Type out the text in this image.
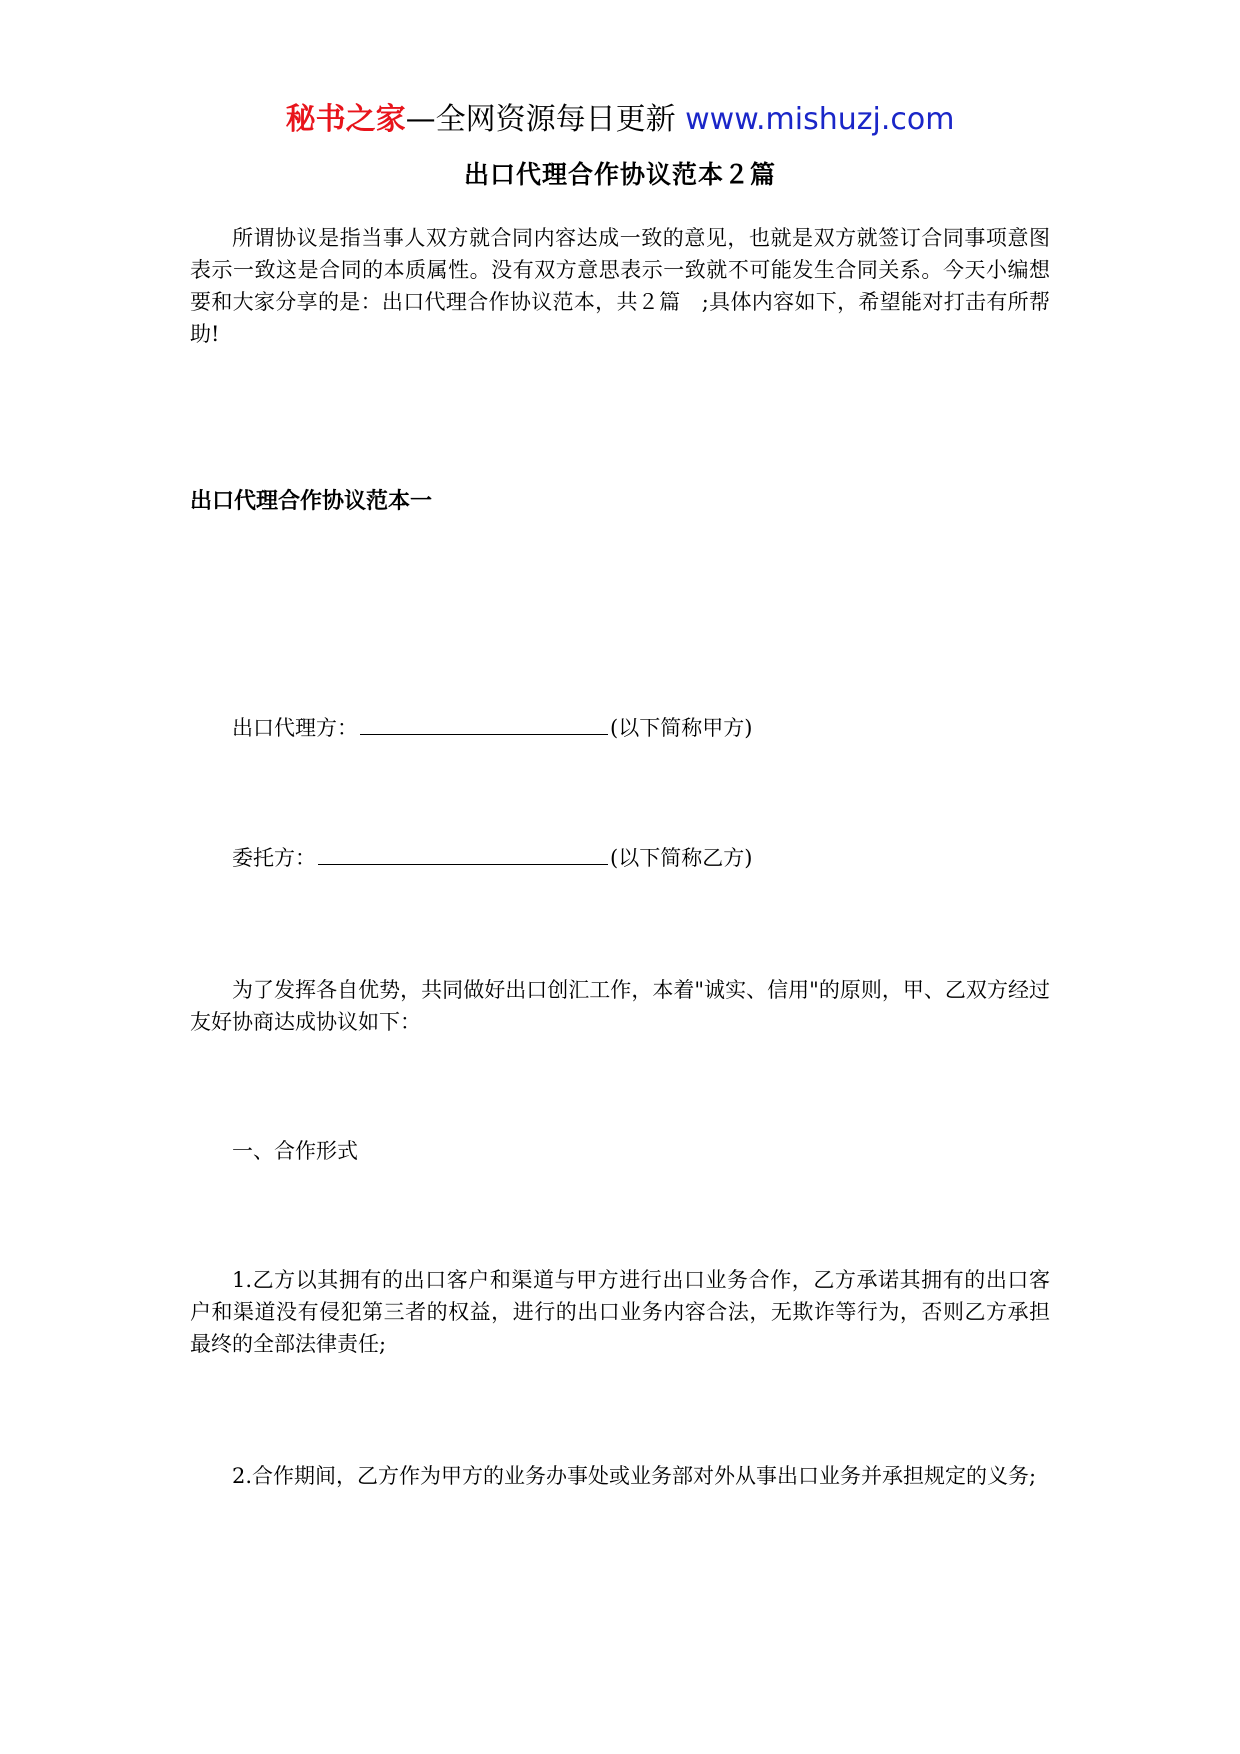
秘书之家—全网资源每日更新 www.mishuzj.com
出口代理合作协议范本２篇

所谓协议是指当事人双方就合同内容达成一致的意见，也就是双方就签订合同事项意图表示一致这是合同的本质属性。没有双方意思表示一致就不可能发生合同关系。今天小编想要和大家分享的是：出口代理合作协议范本，共２篇　;具体内容如下，希望能对打击有所帮助!

出口代理合作协议范本一
出口代理方：	(以下简称甲方)
委托方：	(以下简称乙方)

为了发挥各自优势，共同做好出口创汇工作，本着"诚实、信用"的原则，甲、乙双方经过友好协商达成协议如下：

一、合作形式

1.乙方以其拥有的出口客户和渠道与甲方进行出口业务合作，乙方承诺其拥有的出口客户和渠道没有侵犯第三者的权益，进行的出口业务内容合法，无欺诈等行为，否则乙方承担最终的全部法律责任;

2.合作期间，乙方作为甲方的业务办事处或业务部对外从事出口业务并承担规定的义务;
